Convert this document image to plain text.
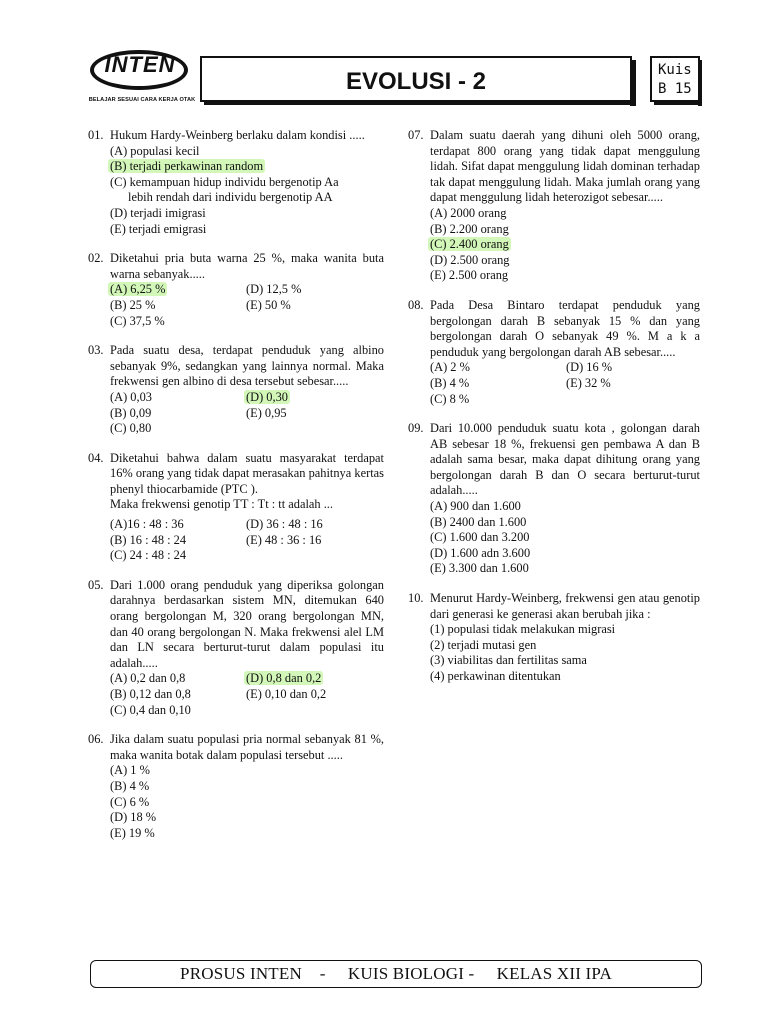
INTEN
BELAJAR SESUAI CARA KERJA OTAK
EVOLUSI - 2	Kuis
B 15
01. Hukum Hardy-Weinberg berlaku dalam kondisi .....
(A) populasi kecil
(B) terjadi perkawinan random
(C) kemampuan hidup individu bergenotip Aa
lebih rendah dari individu bergenotip AA
(D) terjadi imigrasi
(E) terjadi emigrasi
02. Diketahui pria buta warna 25 %, maka wanita buta warna sebanyak.....
(A) 6,25 %	(D) 12,5 %
(B) 25 %	(E) 50 %
(C) 37,5 %
03. Pada suatu desa, terdapat penduduk yang albino sebanyak 9%, sedangkan yang lainnya normal. Maka frekwensi gen albino di desa tersebut sebesar.....
(A) 0,03	(D) 0,30
(B) 0,09	(E) 0,95
(C) 0,80
04. Diketahui bahwa dalam suatu masyarakat terdapat 16% orang yang tidak dapat merasakan pahitnya kertas phenyl thiocarbamide (PTC ).
Maka frekwensi genotip TT : Tt : tt adalah ...
(A)16 : 48 : 36	(D) 36 : 48 : 16
(B) 16 : 48 : 24	(E) 48 : 36 : 16
(C) 24 : 48 : 24
05. Dari 1.000 orang penduduk yang diperiksa golongan darahnya berdasarkan sistem MN, ditemukan 640 orang bergolongan M, 320 orang bergolongan MN, dan 40 orang bergolongan N. Maka frekwensi alel LM dan LN secara berturut-turut dalam populasi itu adalah.....
(A) 0,2 dan 0,8	(D) 0,8 dan 0,2
(B) 0,12 dan 0,8	(E) 0,10 dan 0,2
(C) 0,4 dan 0,10
06. Jika dalam suatu populasi pria normal sebanyak 81 %, maka wanita botak dalam populasi tersebut .....
(A) 1 %
(B) 4 %
(C) 6 %
(D) 18 %
(E) 19 %
07. Dalam suatu daerah yang dihuni oleh 5000 orang, terdapat 800 orang yang tidak dapat menggulung lidah. Sifat dapat menggulung lidah dominan terhadap tak dapat menggulung lidah. Maka jumlah orang yang dapat menggulung lidah heterozigot sebesar.....
(A) 2000 orang
(B) 2.200 orang
(C) 2.400 orang
(D) 2.500 orang
(E) 2.500 orang
08. Pada Desa Bintaro terdapat penduduk yang bergolongan darah B sebanyak 15 % dan yang bergolongan darah O sebanyak 49 %. M a k a penduduk yang bergolongan darah AB sebesar.....
(A) 2 %	(D) 16 %
(B) 4 %	(E) 32 %
(C) 8 %
09. Dari 10.000 penduduk suatu kota , golongan darah AB sebesar 18 %, frekuensi gen pembawa A dan B adalah sama besar, maka dapat dihitung orang yang bergolongan darah B dan O secara berturut-turut adalah.....
(A) 900 dan 1.600
(B) 2400 dan 1.600
(C) 1.600 dan 3.200
(D) 1.600 adn 3.600
(E) 3.300 dan 1.600
10. Menurut Hardy-Weinberg, frekwensi gen atau genotip dari generasi ke generasi akan berubah jika :
(1) populasi tidak melakukan migrasi
(2) terjadi mutasi gen
(3) viabilitas dan fertilitas sama
(4) perkawinan ditentukan
PROSUS INTEN
-
KUIS BIOLOGI -
KELAS XII IPA
